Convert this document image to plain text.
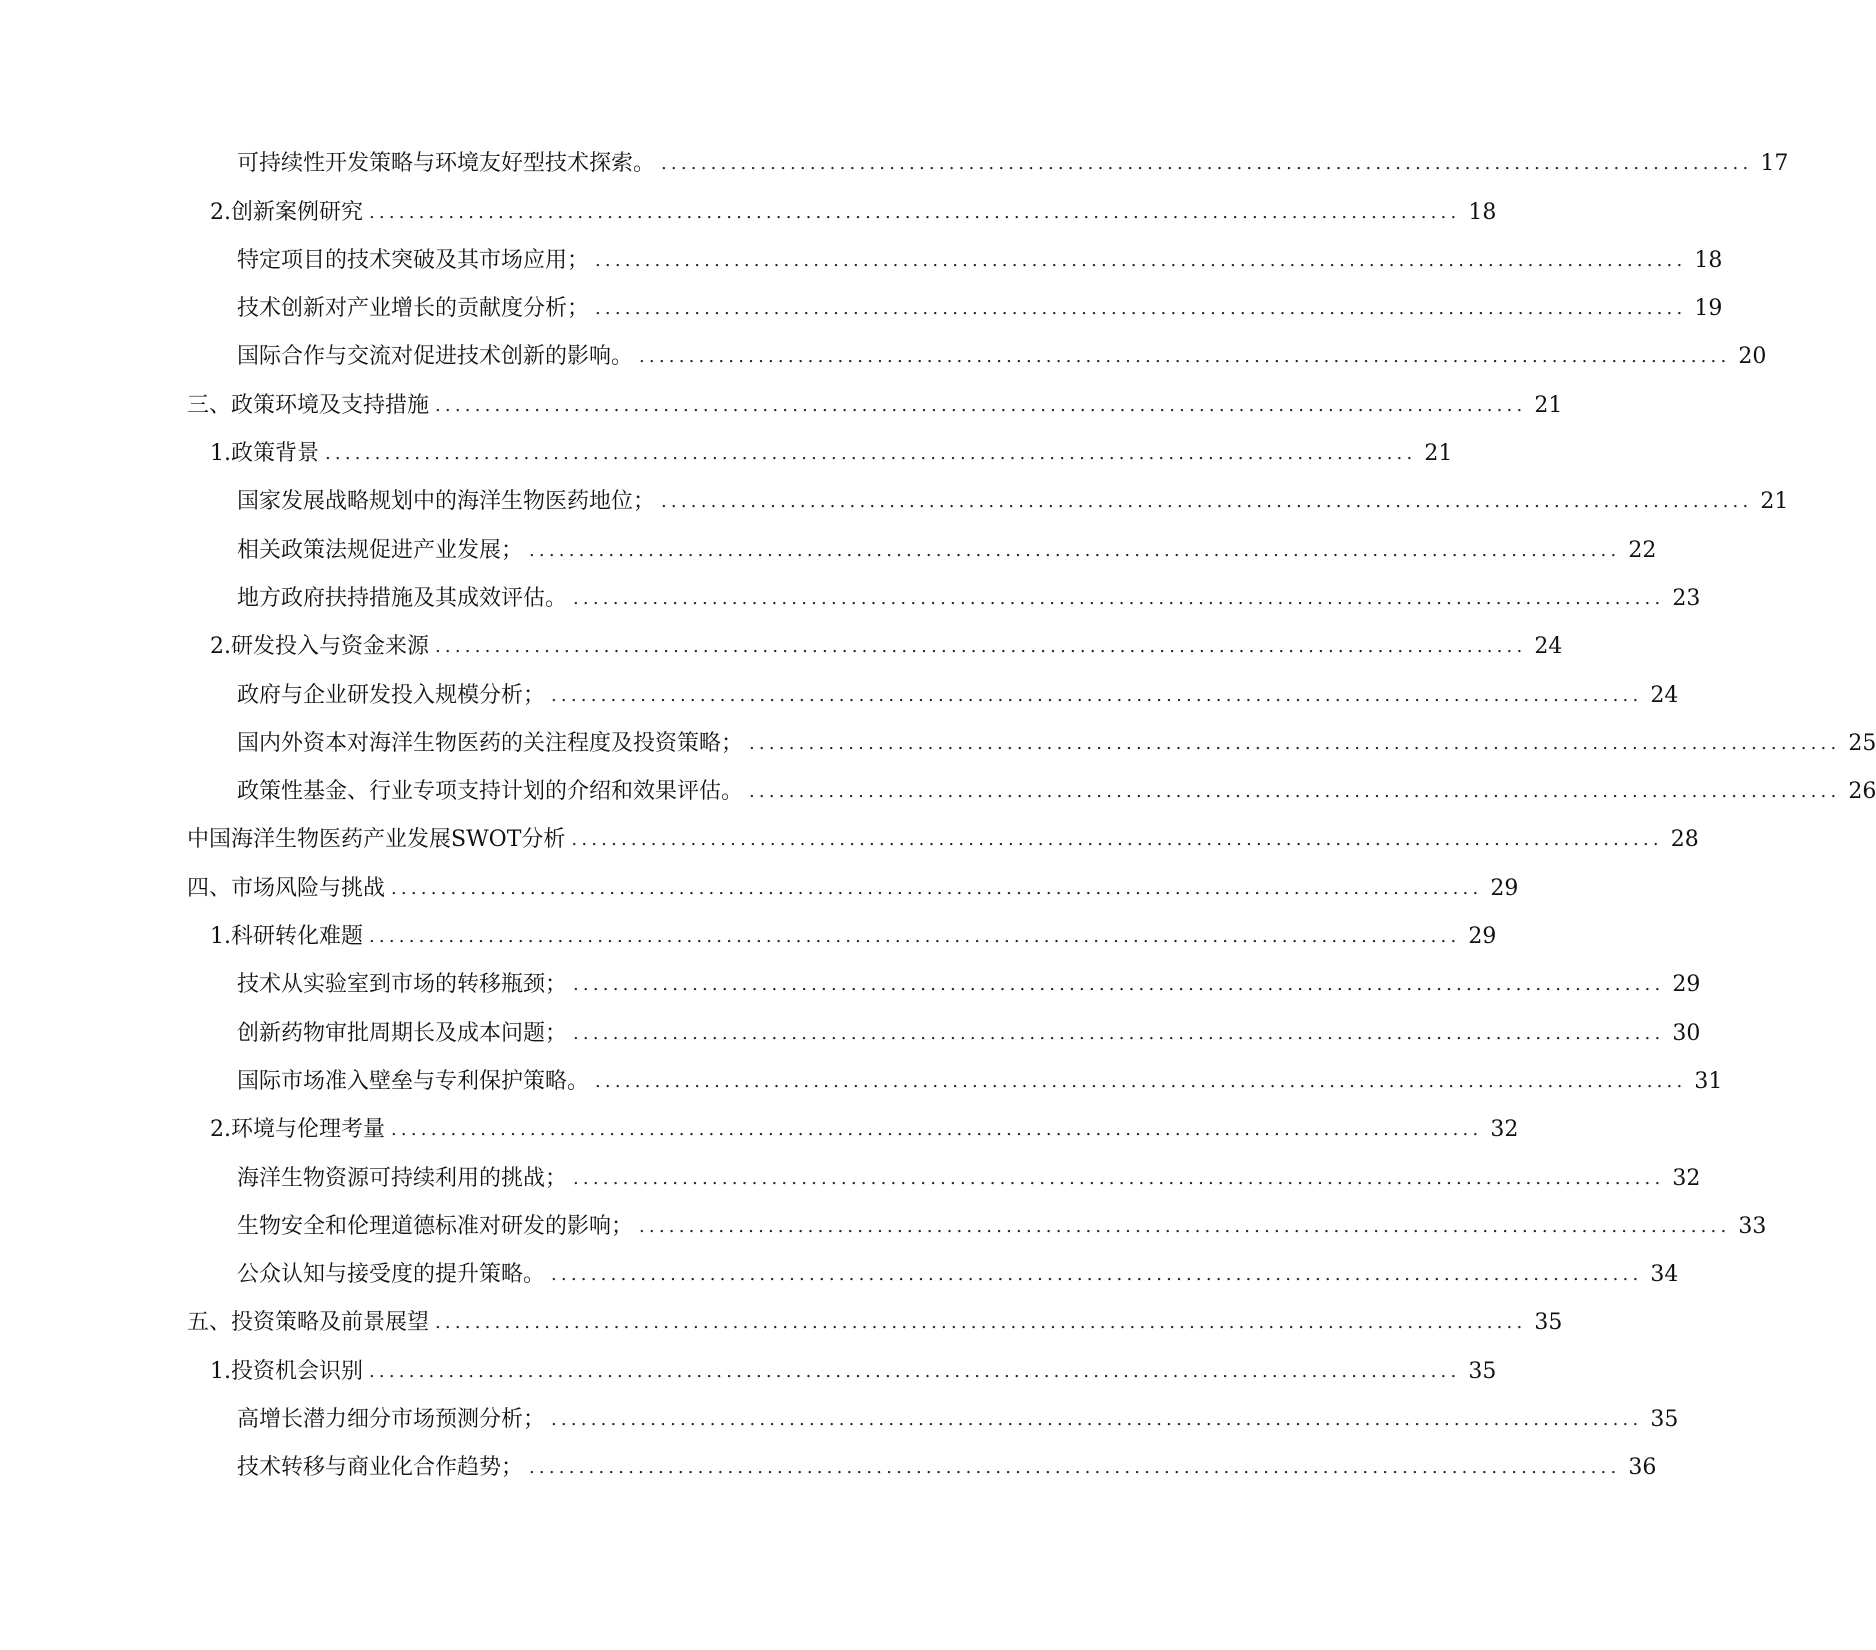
可持续性开发策略与环境友好型技术探索。 .............................................................................................................. 17
2. 创新案例研究 .............................................................................................................. 18
特定项目的技术突破及其市场应用； .............................................................................................................. 18
技术创新对产业增长的贡献度分析； .............................................................................................................. 19
国际合作与交流对促进技术创新的影响。 .............................................................................................................. 20
三、政策环境及支持措施 .............................................................................................................. 21
1. 政策背景 .............................................................................................................. 21
国家发展战略规划中的海洋生物医药地位； .............................................................................................................. 21
相关政策法规促进产业发展； .............................................................................................................. 22
地方政府扶持措施及其成效评估。 .............................................................................................................. 23
2. 研发投入与资金来源 .............................................................................................................. 24
政府与企业研发投入规模分析； .............................................................................................................. 24
国内外资本对海洋生物医药的关注程度及投资策略； .............................................................................................................. 25
政策性基金、行业专项支持计划的介绍和效果评估。 .............................................................................................................. 26
中国海洋生物医药产业发展SWOT分析 .............................................................................................................. 28
四、市场风险与挑战 .............................................................................................................. 29
1. 科研转化难题 .............................................................................................................. 29
技术从实验室到市场的转移瓶颈； .............................................................................................................. 29
创新药物审批周期长及成本问题； .............................................................................................................. 30
国际市场准入壁垒与专利保护策略。 .............................................................................................................. 31
2. 环境与伦理考量 .............................................................................................................. 32
海洋生物资源可持续利用的挑战； .............................................................................................................. 32
生物安全和伦理道德标准对研发的影响； .............................................................................................................. 33
公众认知与接受度的提升策略。 .............................................................................................................. 34
五、投资策略及前景展望 .............................................................................................................. 35
1. 投资机会识别 .............................................................................................................. 35
高增长潜力细分市场预测分析； .............................................................................................................. 35
技术转移与商业化合作趋势； .............................................................................................................. 36
